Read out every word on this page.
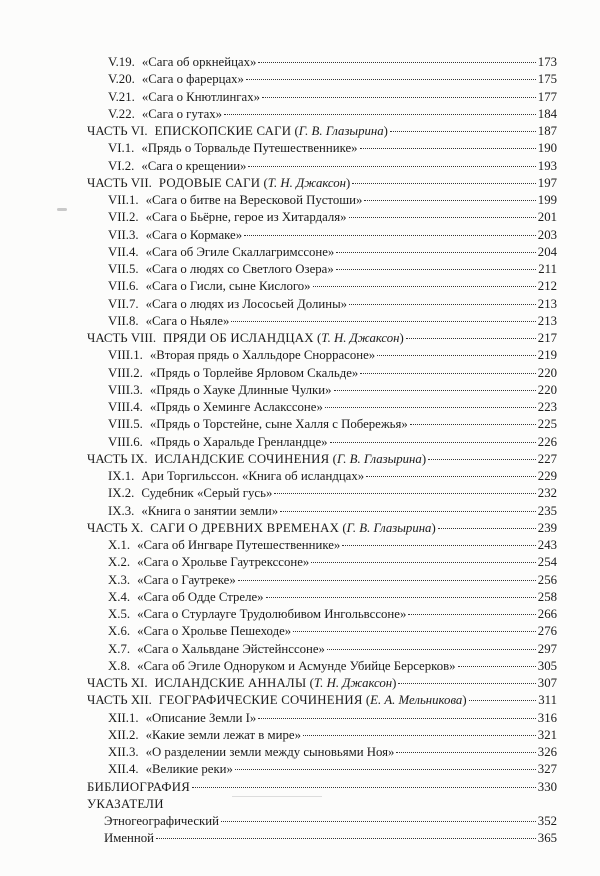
V.19. «Сага об оркнейцах»	173
V.20. «Сага о фарерцах»	175
V.21. «Сага о Кнютлингах»	177
V.22. «Сага о гутах»	184
ЧАСТЬ VI. ЕПИСКОПСКИЕ САГИ (Г. В. Глазырина)	187
VI.1. «Прядь о Торвальде Путешественнике»	190
VI.2. «Сага о крещении»	193
ЧАСТЬ VII. РОДОВЫЕ САГИ (Т. Н. Джаксон)	197
VII.1. «Сага о битве на Вересковой Пустоши»	199
VII.2. «Сага о Бьёрне, герое из Хитардаля»	201
VII.3. «Сага о Кормаке»	203
VII.4. «Сага об Эгиле Скаллагримссоне»	204
VII.5. «Сага о людях со Светлого Озера»	211
VII.6. «Сага о Гисли, сыне Кислого»	212
VII.7. «Сага о людях из Лососьей Долины»	213
VII.8. «Сага о Ньяле»	213
ЧАСТЬ VIII. ПРЯДИ ОБ ИСЛАНДЦАХ (Т. Н. Джаксон)	217
VIII.1. «Вторая прядь о Халльдоре Сноррасоне»	219
VIII.2. «Прядь о Торлейве Ярловом Скальде»	220
VIII.3. «Прядь о Хауке Длинные Чулки»	220
VIII.4. «Прядь о Хеминге Аслакссоне»	223
VIII.5. «Прядь о Торстейне, сыне Халля с Побережья»	225
VIII.6. «Прядь о Харальде Гренландце»	226
ЧАСТЬ IX. ИСЛАНДСКИЕ СОЧИНЕНИЯ (Г. В. Глазырина)	227
IX.1. Ари Торгильссон. «Книга об исландцах»	229
IX.2. Судебник «Серый гусь»	232
IX.3. «Книга о занятии земли»	235
ЧАСТЬ X. САГИ О ДРЕВНИХ ВРЕМЕНАХ (Г. В. Глазырина)	239
X.1. «Сага об Ингваре Путешественнике»	243
X.2. «Сага о Хрольве Гаутрекссоне»	254
X.3. «Сага о Гаутреке»	256
X.4. «Сага об Одде Стреле»	258
X.5. «Сага о Стурлауге Трудолюбивом Ингольвссоне»	266
X.6. «Сага о Хрольве Пешеходе»	276
X.7. «Сага о Хальвдане Эйстейнссоне»	297
X.8. «Сага об Эгиле Одноруком и Асмунде Убийце Берсерков»	305
ЧАСТЬ XI. ИСЛАНДСКИЕ АННАЛЫ (Т. Н. Джаксон)	307
ЧАСТЬ XII. ГЕОГРАФИЧЕСКИЕ СОЧИНЕНИЯ (Е. А. Мельникова)	311
XII.1. «Описание Земли I»	316
XII.2. «Какие земли лежат в мире»	321
XII.3. «О разделении земли между сыновьями Ноя»	326
XII.4. «Великие реки»	327
БИБЛИОГРАФИЯ	330
УКАЗАТЕЛИ
Этногеографический	352
Именной	365
